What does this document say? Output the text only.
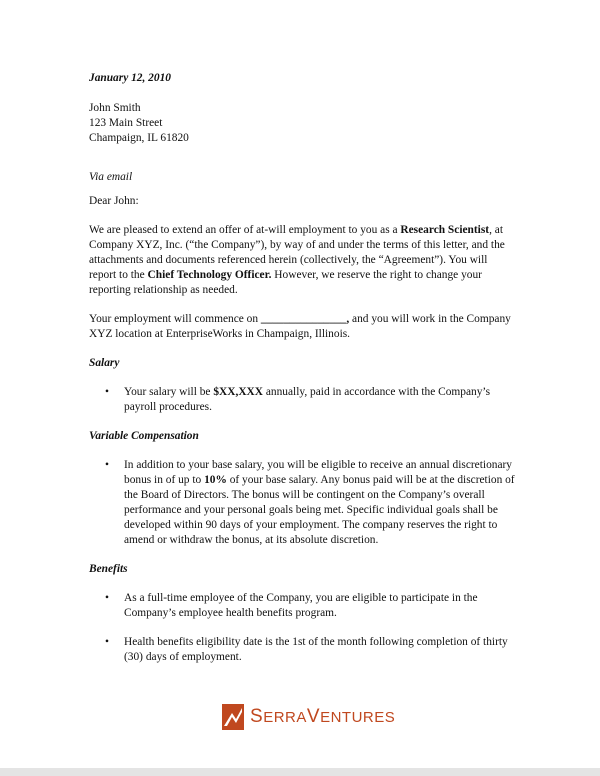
January 12, 2010

John Smith

123 Main Street

Champaign, IL 61820

Via email

Dear John:

We are pleased to extend an offer of at-will employment to you as a Research Scientist, at Company XYZ, Inc. (“the Company”), by way of and under the terms of this letter, and the attachments and documents referenced herein (collectively, the “Agreement”). You will report to the Chief Technology Officer. However, we reserve the right to change your reporting relationship as needed.

Your employment will commence on _______________, and you will work in the Company XYZ location at EnterpriseWorks in Champaign, Illinois.

Salary

• Your salary will be $XX,XXX annually, paid in accordance with the Company’s payroll procedures.

Variable Compensation

• In addition to your base salary, you will be eligible to receive an annual discretionary bonus in of up to 10% of your base salary. Any bonus paid will be at the discretion of the Board of Directors. The bonus will be contingent on the Company’s overall performance and your personal goals being met. Specific individual goals shall be developed within 90 days of your employment. The company reserves the right to amend or withdraw the bonus, at its absolute discretion.

Benefits

• As a full-time employee of the Company, you are eligible to participate in the Company’s employee health benefits program.
• Health benefits eligibility date is the 1st of the month following completion of thirty (30) days of employment.
SERRAVENTURES
